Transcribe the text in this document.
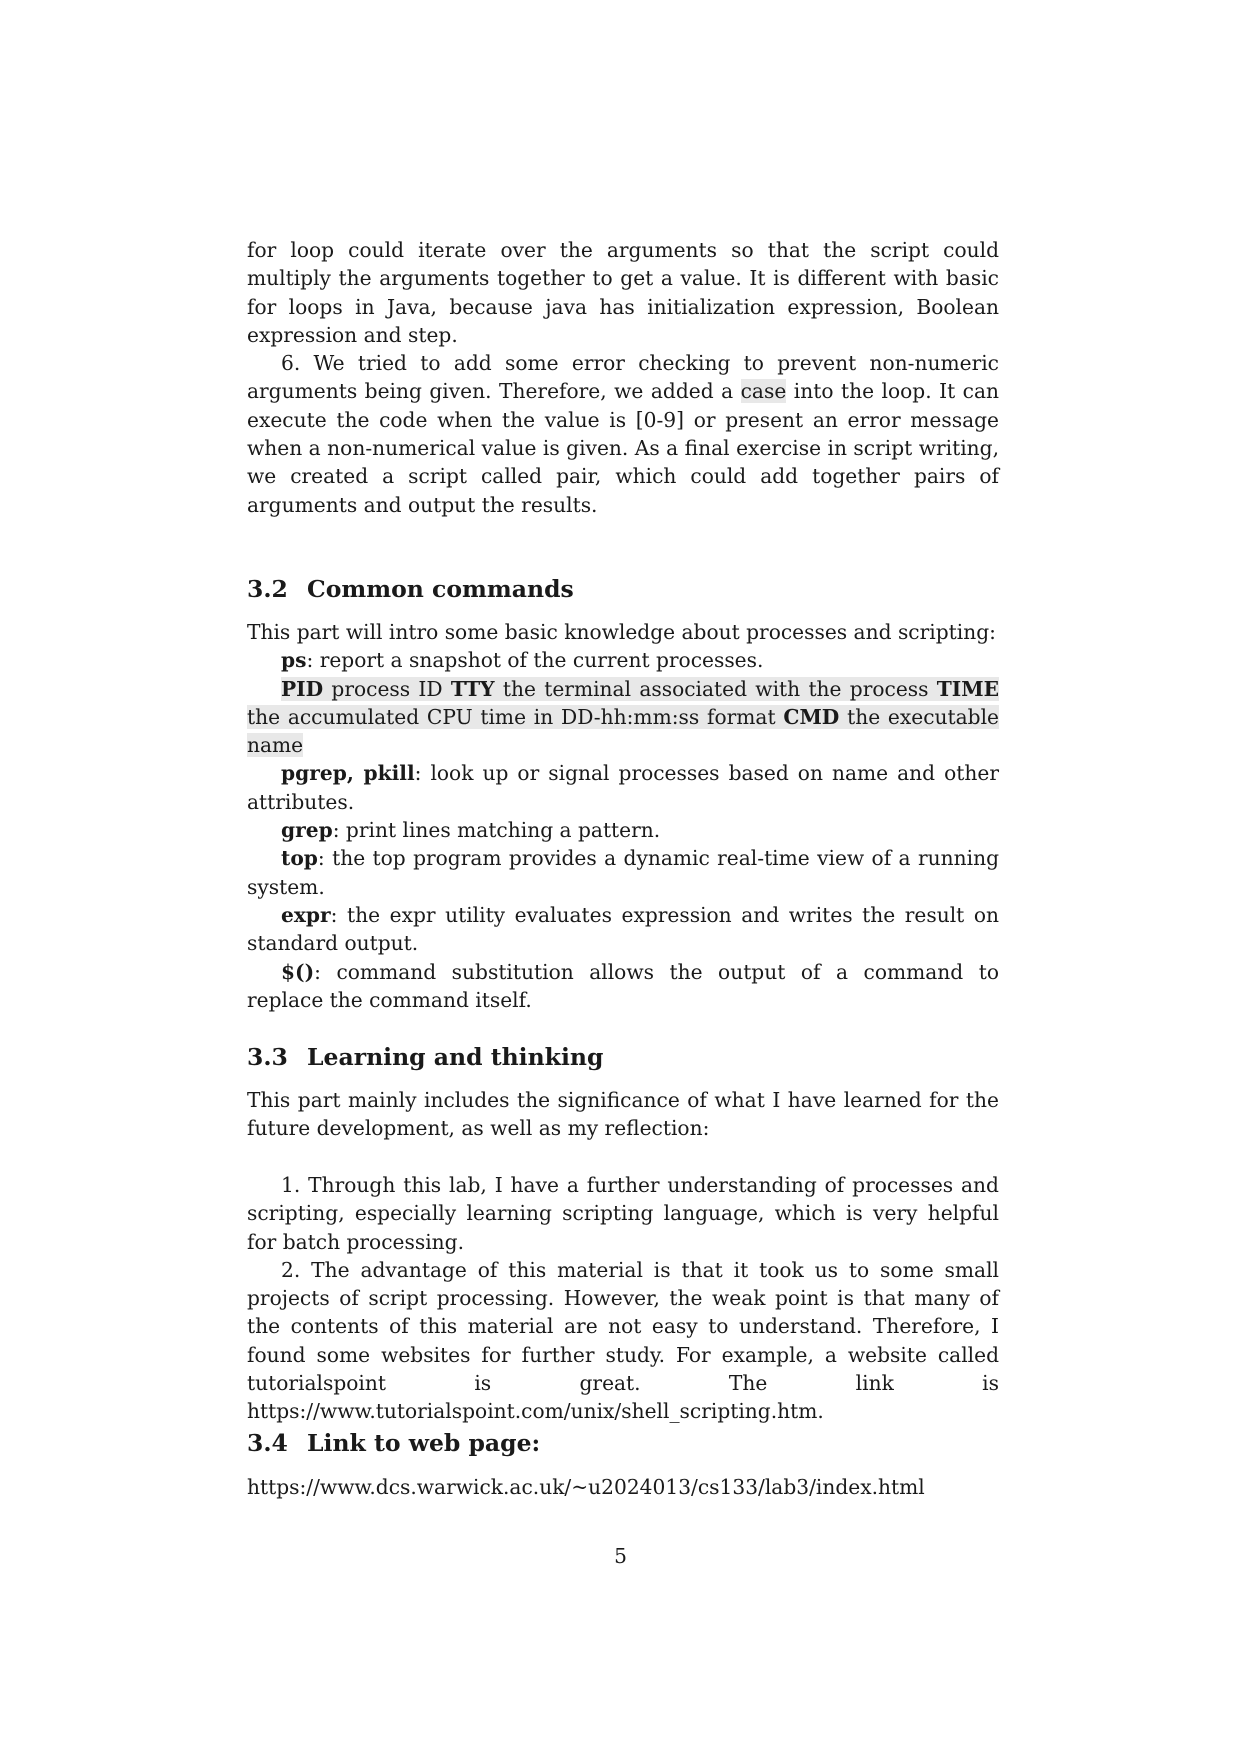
for loop could iterate over the arguments so that the script could multiply the arguments together to get a value. It is different with basic for loops in Java, because java has initialization expression, Boolean expression and step.

6. We tried to add some error checking to prevent non-numeric arguments being given. Therefore, we added a case into the loop. It can execute the code when the value is [0-9] or present an error message when a non-numerical value is given. As a final exercise in script writing, we created a script called pair, which could add together pairs of arguments and output the results.

3.2 Common commands

This part will intro some basic knowledge about processes and scripting:

ps: report a snapshot of the current processes.

PID process ID TTY the terminal associated with the process TIME the accumulated CPU time in DD-hh:mm:ss format CMD the executable name

pgrep, pkill: look up or signal processes based on name and other attributes.

grep: print lines matching a pattern.

top: the top program provides a dynamic real-time view of a running system.

expr: the expr utility evaluates expression and writes the result on standard output.

$(): command substitution allows the output of a command to replace the command itself.

3.3 Learning and thinking

This part mainly includes the significance of what I have learned for the future development, as well as my reflection:

1. Through this lab, I have a further understanding of processes and scripting, especially learning scripting language, which is very helpful for batch processing.

2. The advantage of this material is that it took us to some small projects of script processing. However, the weak point is that many of the contents of this material are not easy to understand. Therefore, I found some websites for further study. For example, a website called tutorialspoint is great. The link is https://www.tutorialspoint.com/unix/shell_scripting.htm.

3.4 Link to web page:

https://www.dcs.warwick.ac.uk/~u2024013/cs133/lab3/index.html

5
